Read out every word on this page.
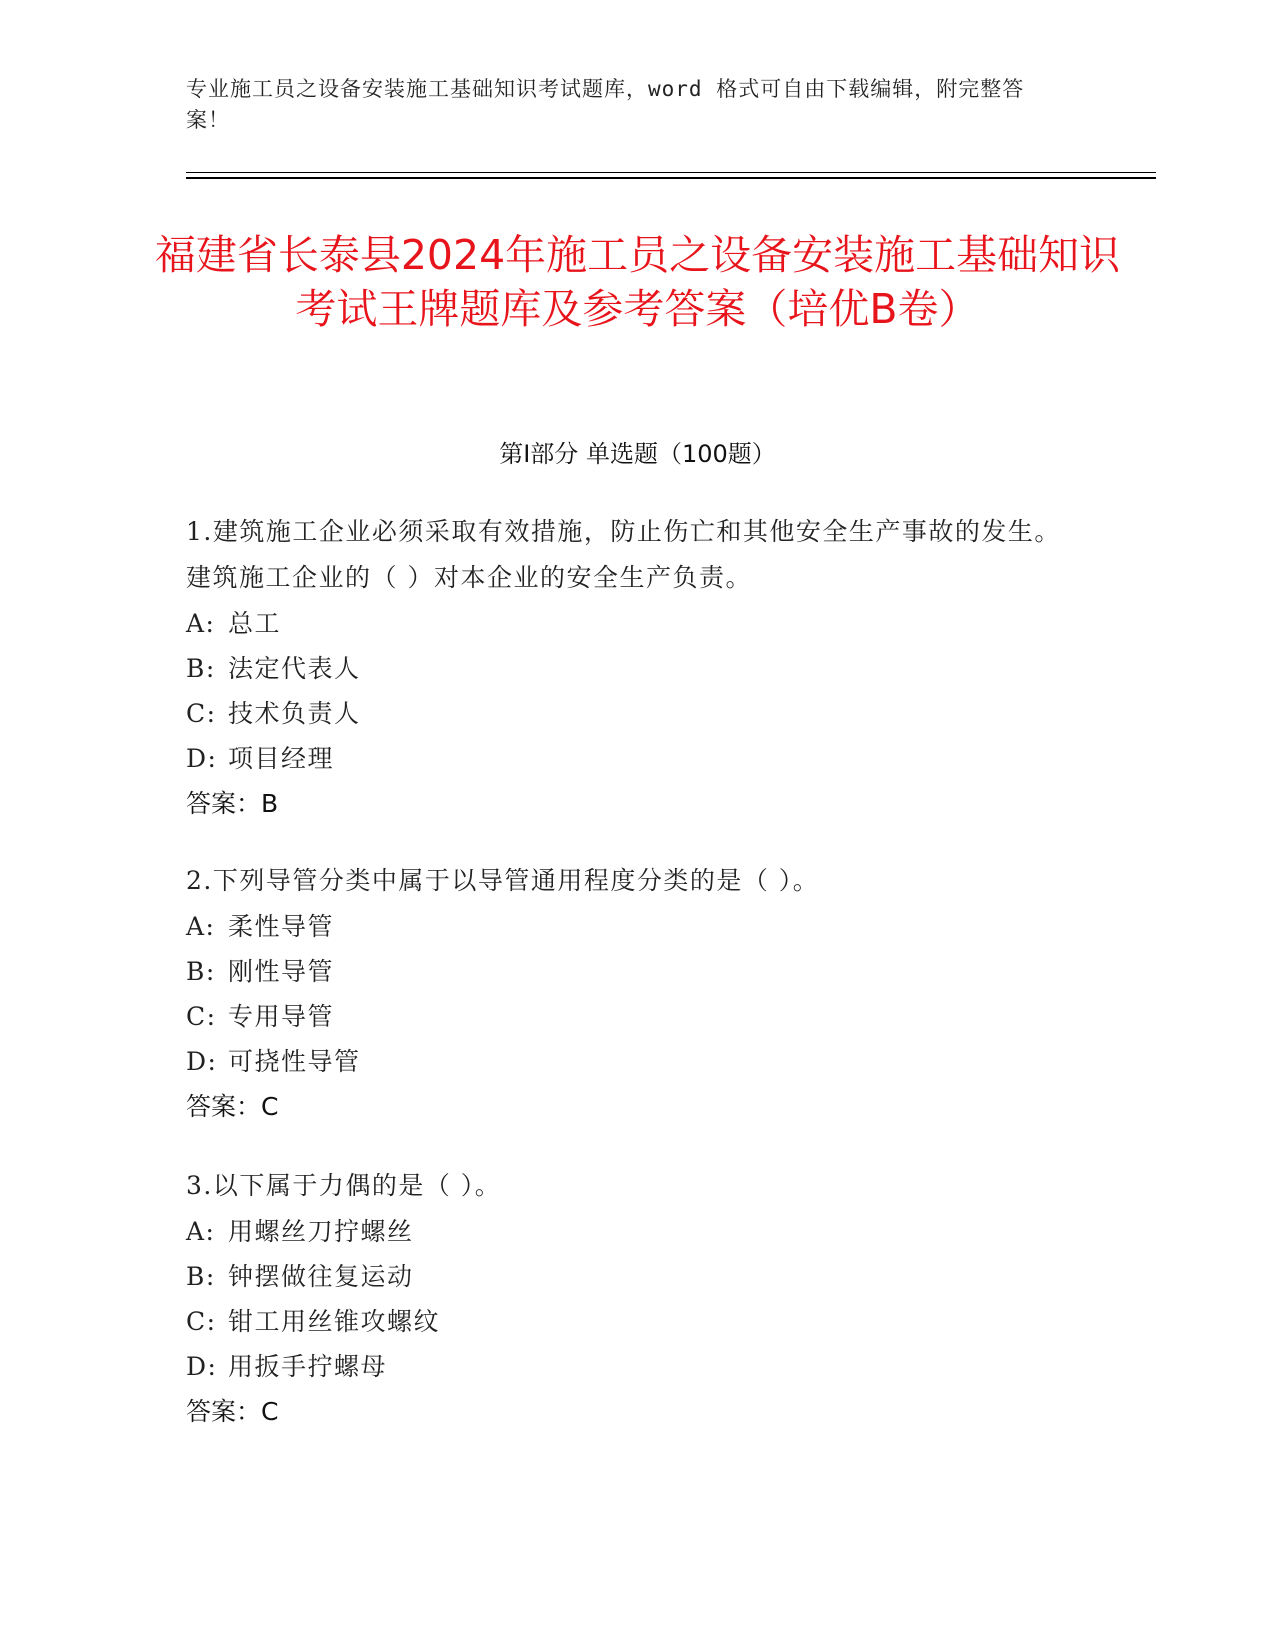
专业施工员之设备安装施工基础知识考试题库，word 格式可自由下载编辑，附完整答案！
福建省长泰县2024年施工员之设备安装施工基础知识考试王牌题库及参考答案（培优B卷）
第Ⅰ部分 单选题（100题）
1.建筑施工企业必须采取有效措施，防止伤亡和其他安全生产事故的发生。建筑施工企业的（ ）对本企业的安全生产负责。
A: 总工
B: 法定代表人
C: 技术负责人
D: 项目经理
答案：B
2.下列导管分类中属于以导管通用程度分类的是（ ）。
A: 柔性导管
B: 刚性导管
C: 专用导管
D: 可挠性导管
答案：C
3.以下属于力偶的是（ ）。
A: 用螺丝刀拧螺丝
B: 钟摆做往复运动
C: 钳工用丝锥攻螺纹
D: 用扳手拧螺母
答案：C
